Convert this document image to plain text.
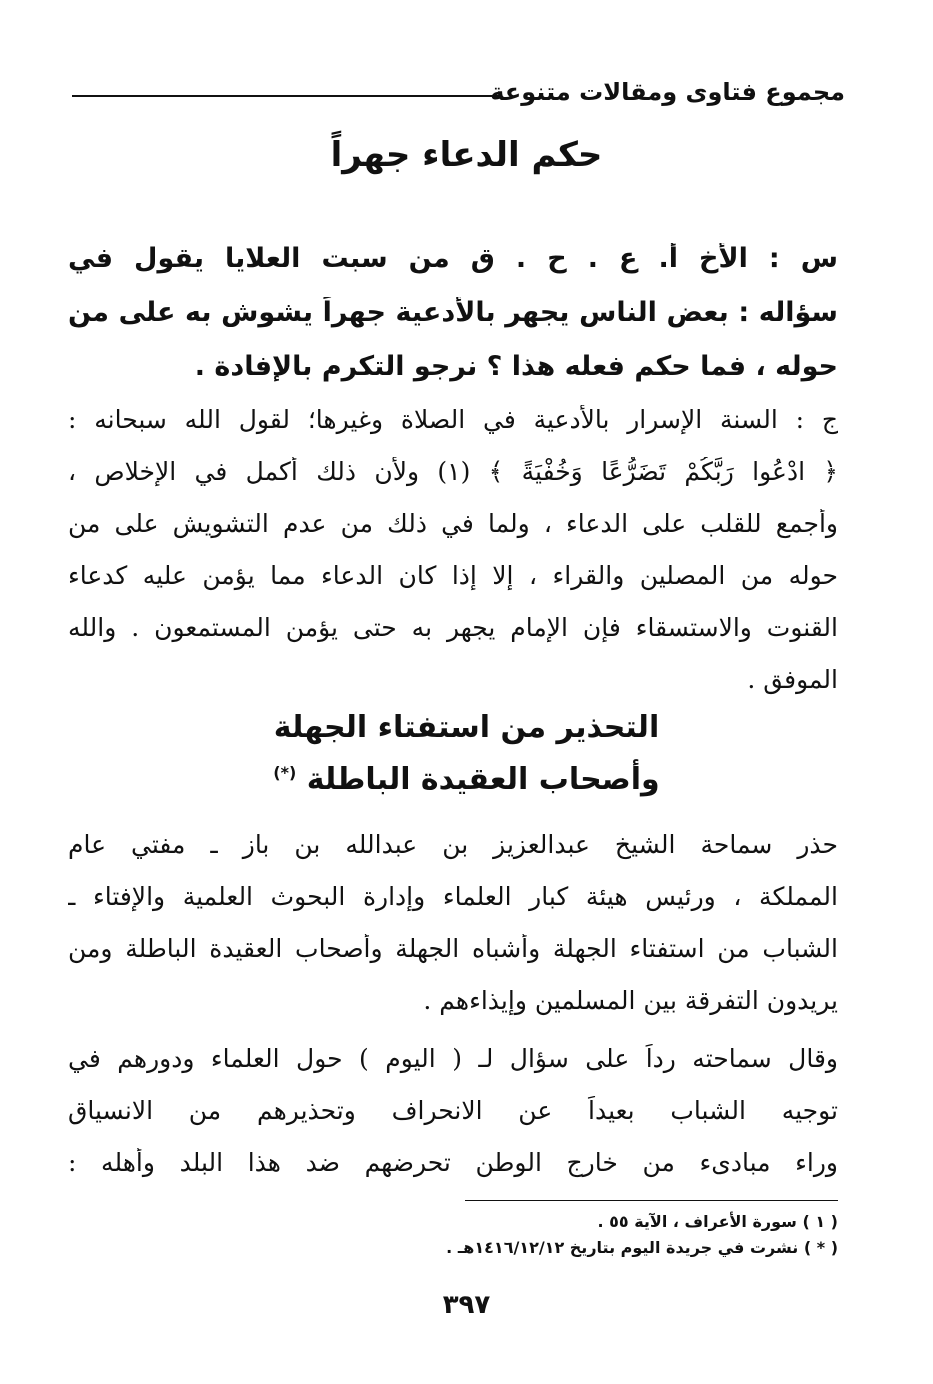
مجموع فتاوى ومقالات متنوعة
حكم الدعاء جهراً
س : الأخ أ. ع . ح . ق من سبت العلايا يقول في
سؤاله : بعض الناس يجهر بالأدعية جهراً يشوش به على من
حوله ، فما حكم فعله هذا ؟ نرجو التكرم بالإفادة .
ج : السنة الإسرار بالأدعية في الصلاة وغيرها؛ لقول الله سبحانه :
﴿ ادْعُوا رَبَّكُمْ تَضَرُّعًا وَخُفْيَةً ﴾ (١) ولأن ذلك أكمل في الإخلاص ،
وأجمع للقلب على الدعاء ، ولما في ذلك من عدم التشويش على من
حوله من المصلين والقراء ، إلا إذا كان الدعاء مما يؤمن عليه كدعاء
القنوت والاستسقاء فإن الإمام يجهر به حتى يؤمن المستمعون . والله
الموفق .
التحذير من استفتاء الجهلة
وأصحاب العقيدة الباطلة (*)
حذر سماحة الشيخ عبدالعزيز بن عبدالله بن باز ـ مفتي عام
المملكة ، ورئيس هيئة كبار العلماء وإدارة البحوث العلمية والإفتاء ـ
الشباب من استفتاء الجهلة وأشباه الجهلة وأصحاب العقيدة الباطلة ومن
يريدون التفرقة بين المسلمين وإيذاءهم .
وقال سماحته رداً على سؤال لـ ( اليوم ) حول العلماء ودورهم في
توجيه الشباب بعيداً عن الانحراف وتحذيرهم من الانسياق
وراء مبادىء من خارج الوطن تحرضهم ضد هذا البلد وأهله :
( ١ ) سورة الأعراف ، الآية ٥٥ .
( * ) نشرت في جريدة اليوم بتاريخ ١٤١٦/١٢/١٢هـ .
٣٩٧
